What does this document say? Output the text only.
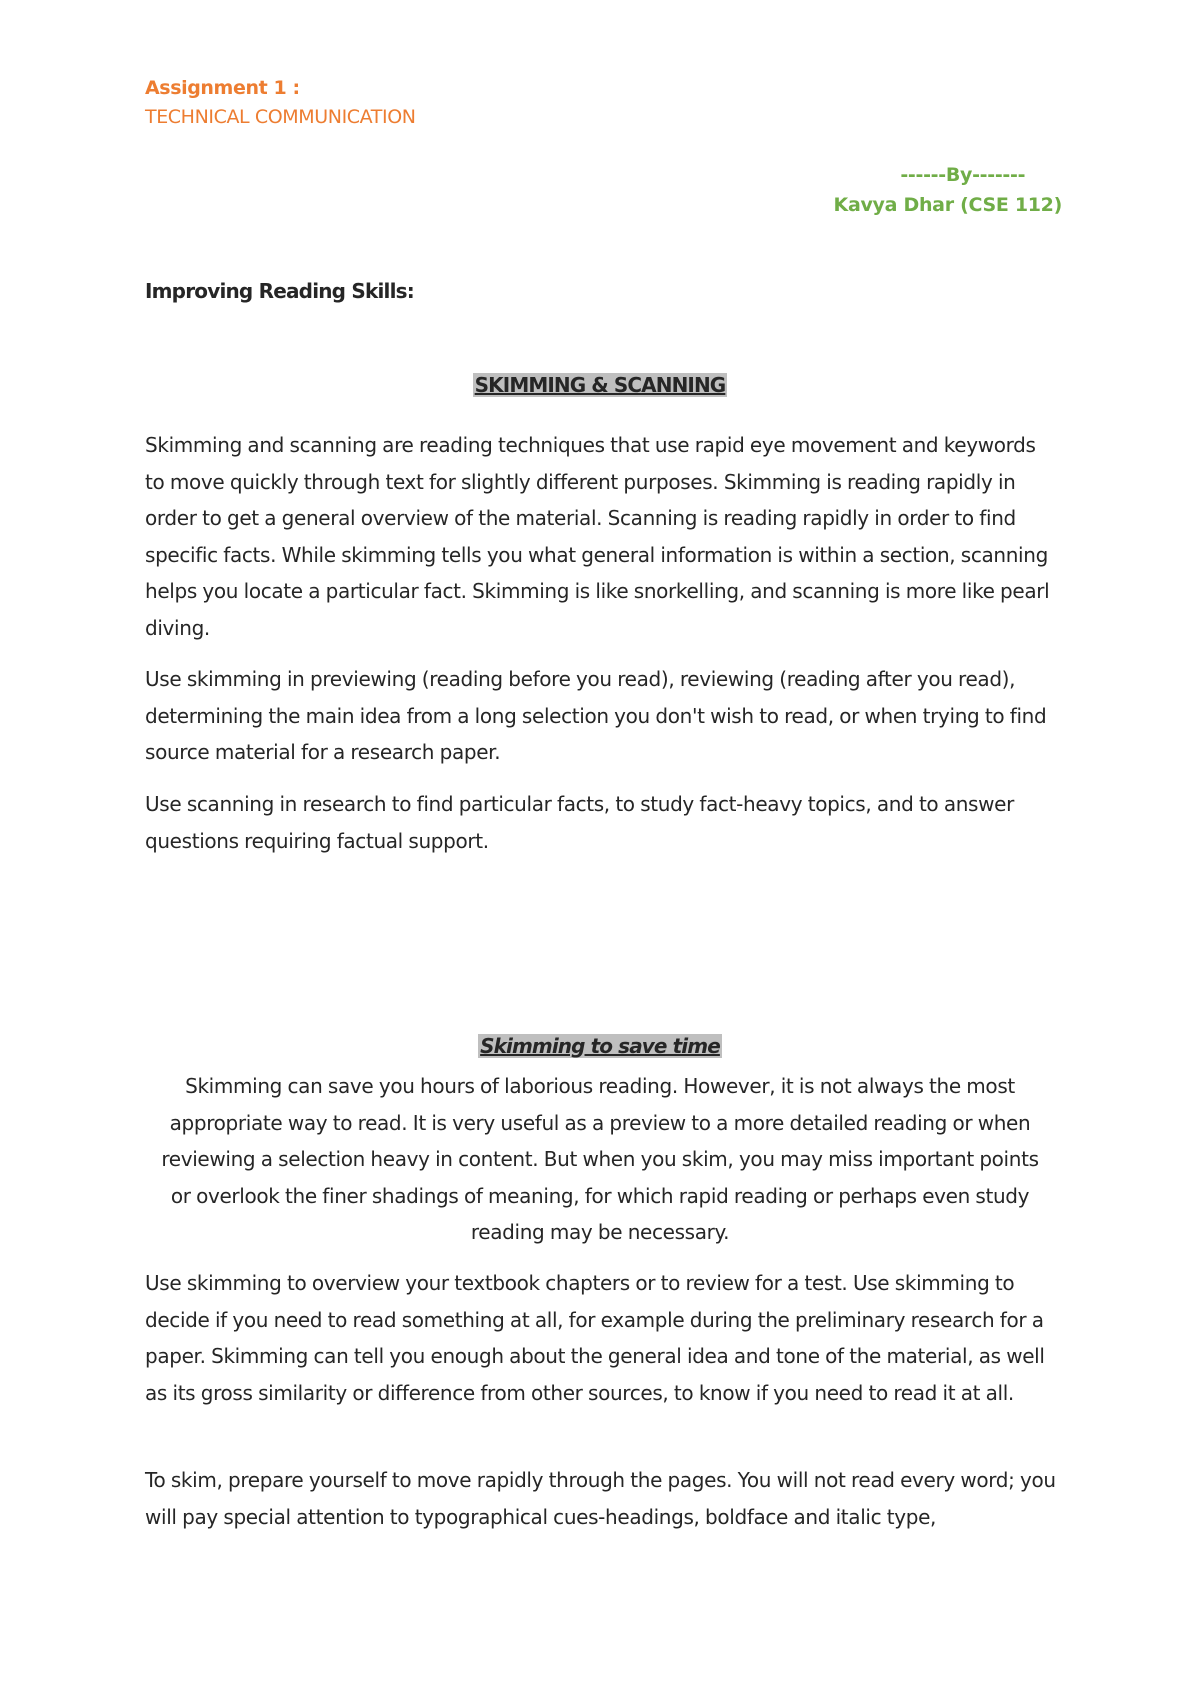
Assignment 1 :
TECHNICAL COMMUNICATION
------By-------
Kavya Dhar (CSE 112)
Improving Reading Skills:
SKIMMING & SCANNING

Skimming and scanning are reading techniques that use rapid eye movement and keywords to move quickly through text for slightly different purposes. Skimming is reading rapidly in order to get a general overview of the material. Scanning is reading rapidly in order to find specific facts. While skimming tells you what general information is within a section, scanning helps you locate a particular fact. Skimming is like snorkelling, and scanning is more like pearl diving.

Use skimming in previewing (reading before you read), reviewing (reading after you read), determining the main idea from a long selection you don't wish to read, or when trying to find source material for a research paper.

Use scanning in research to find particular facts, to study fact-heavy topics, and to answer questions requiring factual support.

Skimming to save time

Skimming can save you hours of laborious reading. However, it is not always the most appropriate way to read. It is very useful as a preview to a more detailed reading or when reviewing a selection heavy in content. But when you skim, you may miss important points or overlook the finer shadings of meaning, for which rapid reading or perhaps even study reading may be necessary.

Use skimming to overview your textbook chapters or to review for a test. Use skimming to decide if you need to read something at all, for example during the preliminary research for a paper. Skimming can tell you enough about the general idea and tone of the material, as well as its gross similarity or difference from other sources, to know if you need to read it at all.

To skim, prepare yourself to move rapidly through the pages. You will not read every word; you will pay special attention to typographical cues-headings, boldface and italic type,
